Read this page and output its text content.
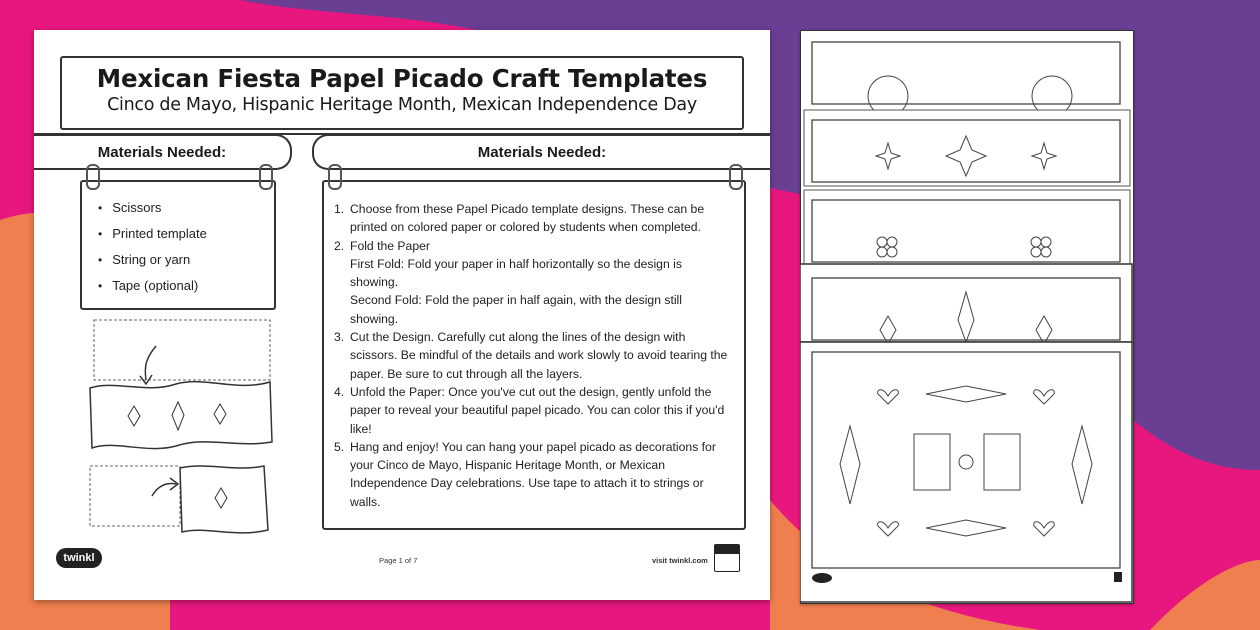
Mexican Fiesta Papel Picado Craft Templates
Cinco de Mayo, Hispanic Heritage Month, Mexican Independence Day
Materials Needed:	Materials Needed:
• Scissors
• Printed template
• String or yarn
• Tape (optional)
1. Choose from these Papel Picado template designs. These can be printed on colored paper or colored by students when completed.
2. Fold the Paper
First Fold: Fold your paper in half horizontally so the design is showing.
Second Fold: Fold the paper in half again, with the design still showing.
3. Cut the Design. Carefully cut along the lines of the design with scissors. Be mindful of the details and work slowly to avoid tearing the paper. Be sure to cut through all the layers.
4. Unfold the Paper: Once you've cut out the design, gently unfold the paper to reveal your beautiful papel picado. You can color this if you'd like!
5. Hang and enjoy! You can hang your papel picado as decorations for your Cinco de Mayo, Hispanic Heritage Month, or Mexican Independence Day celebrations. Use tape to attach it to strings or walls.
twinkl	Page 1 of 7	visit twinkl.com
